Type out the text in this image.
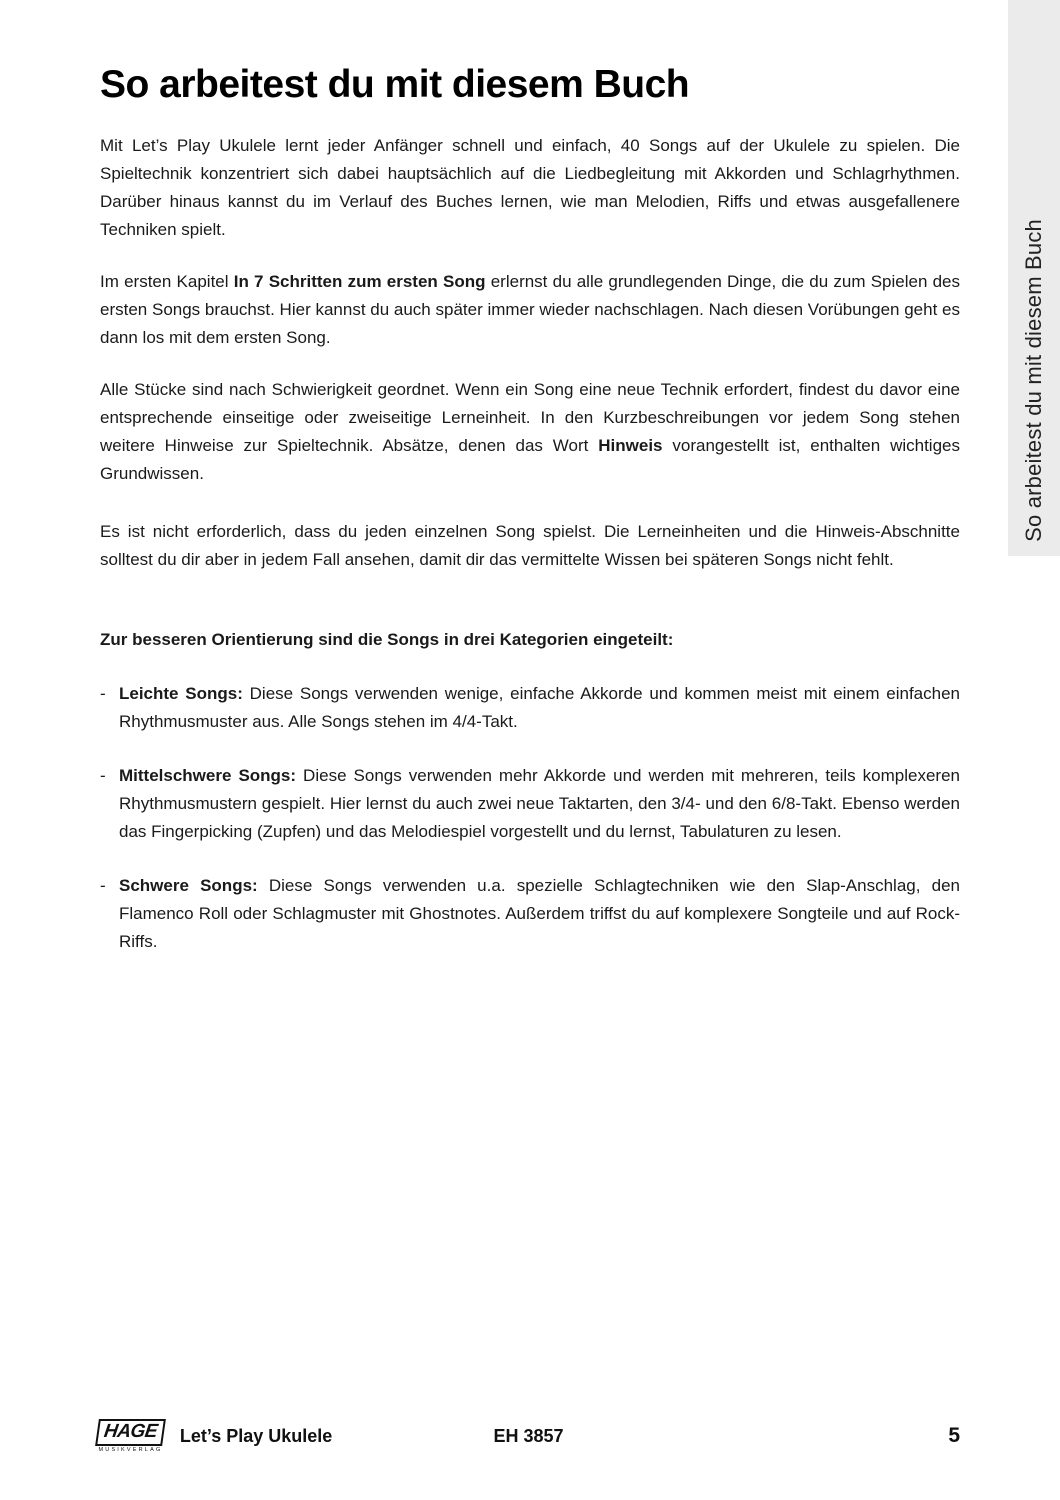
So arbeitest du mit diesem Buch
So arbeitest du mit diesem Buch

Mit Let’s Play Ukulele lernt jeder Anfänger schnell und einfach, 40 Songs auf der Ukulele zu spielen. Die Spieltechnik konzentriert sich dabei hauptsächlich auf die Liedbegleitung mit Akkorden und Schlagrhythmen. Darüber hinaus kannst du im Verlauf des Buches lernen, wie man Melodien, Riffs und etwas ausgefallenere Techniken spielt.

Im ersten Kapitel In 7 Schritten zum ersten Song erlernst du alle grundlegenden Dinge, die du zum Spielen des ersten Songs brauchst. Hier kannst du auch später immer wieder nachschlagen. Nach diesen Vorübungen geht es dann los mit dem ersten Song.

Alle Stücke sind nach Schwierigkeit geordnet. Wenn ein Song eine neue Technik erfordert, findest du davor eine entsprechende einseitige oder zweiseitige Lerneinheit. In den Kurzbeschreibungen vor jedem Song stehen weitere Hinweise zur Spieltechnik. Absätze, denen das Wort Hinweis vorangestellt ist, enthalten wichtiges Grundwissen.

Es ist nicht erforderlich, dass du jeden einzelnen Song spielst. Die Lerneinheiten und die Hinweis-Abschnitte solltest du dir aber in jedem Fall ansehen, damit dir das vermittelte Wissen bei späteren Songs nicht fehlt.

Zur besseren Orientierung sind die Songs in drei Kategorien eingeteilt:

- Leichte Songs: Diese Songs verwenden wenige, einfache Akkorde und kommen meist mit einem einfachen Rhythmusmuster aus. Alle Songs stehen im 4/4-Takt.
- Mittelschwere Songs: Diese Songs verwenden mehr Akkorde und werden mit mehreren, teils komplexeren Rhythmusmustern gespielt. Hier lernst du auch zwei neue Taktarten, den 3/4- und den 6/8-Takt. Ebenso werden das Fingerpicking (Zupfen) und das Melodiespiel vorgestellt und du lernst, Tabulaturen zu lesen.
- Schwere Songs: Diese Songs verwenden u.a. spezielle Schlagtechniken wie den Slap-Anschlag, den Flamenco Roll oder Schlagmuster mit Ghostnotes. Außerdem triffst du auf komplexere Songteile und auf Rock-Riffs.
HAGE
MUSIKVERLAG
Let’s Play Ukulele	EH 3857	5
